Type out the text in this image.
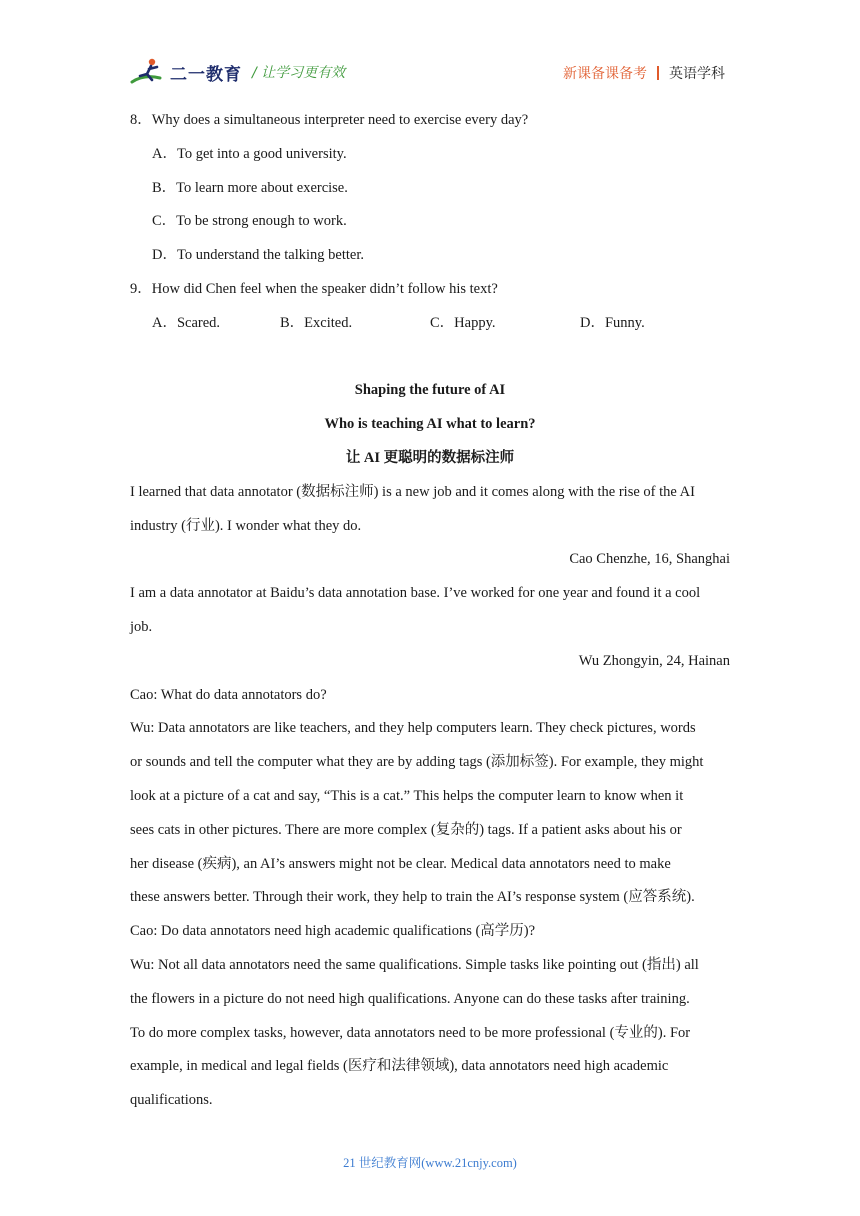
二一教育 / 让学习更有效	新课备课备考 英语学科
8．Why does a simultaneous interpreter need to exercise every day?
A．To get into a good university.
B．To learn more about exercise.
C．To be strong enough to work.
D．To understand the talking better.
9．How did Chen feel when the speaker didn’t follow his text?
A．Scared.	B．Excited.	C．Happy.	D．Funny.
Shaping the future of AI
Who is teaching AI what to learn?
让 AI 更聪明的数据标注师
I learned that data annotator (数据标注师) is a new job and it comes along with the rise of the AI
industry (行业). I wonder what they do.
Cao Chenzhe, 16, Shanghai
I am a data annotator at Baidu’s data annotation base. I’ve worked for one year and found it a cool
job.
Wu Zhongyin, 24, Hainan
Cao: What do data annotators do?
Wu: Data annotators are like teachers, and they help computers learn. They check pictures, words
or sounds and tell the computer what they are by adding tags (添加标签). For example, they might
look at a picture of a cat and say, “This is a cat.” This helps the computer learn to know when it
sees cats in other pictures. There are more complex (复杂的) tags. If a patient asks about his or
her disease (疾病), an AI’s answers might not be clear. Medical data annotators need to make
these answers better. Through their work, they help to train the AI’s response system (应答系统).
Cao: Do data annotators need high academic qualifications (高学历)?
Wu: Not all data annotators need the same qualifications. Simple tasks like pointing out (指出) all
the flowers in a picture do not need high qualifications. Anyone can do these tasks after training.
To do more complex tasks, however, data annotators need to be more professional (专业的). For
example, in medical and legal fields (医疗和法律领域), data annotators need high academic
qualifications.
21 世纪教育网(www.21cnjy.com)
